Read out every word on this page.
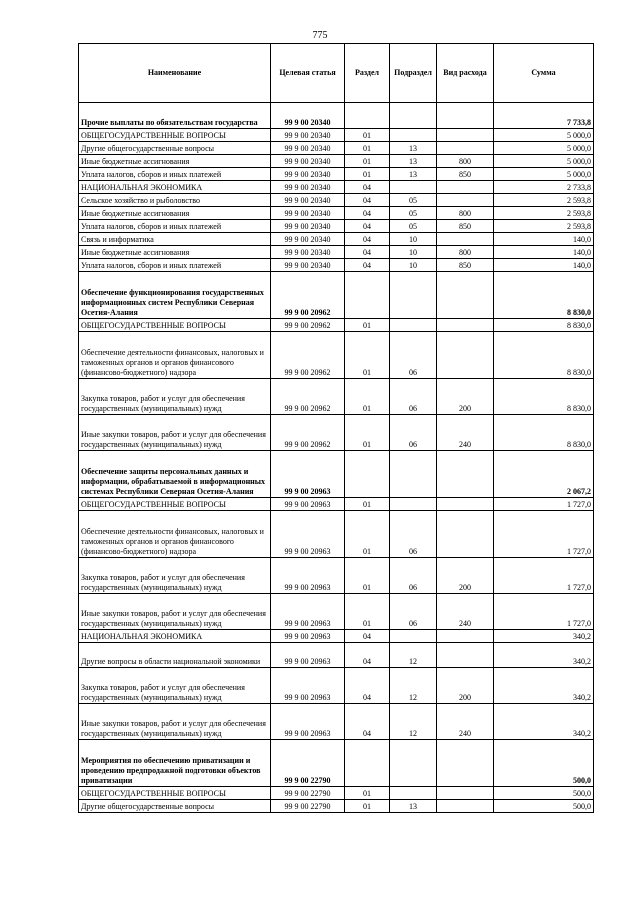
775
Наименование	Целевая статья	Раздел	Подраздел	Вид расхода	Сумма
Прочие выплаты по обязательствам государства	99 9 00 20340				7 733,8
ОБЩЕГОСУДАРСТВЕННЫЕ ВОПРОСЫ	99 9 00 20340	01			5 000,0
Другие общегосударственные вопросы	99 9 00 20340	01	13		5 000,0
Иные бюджетные ассигнования	99 9 00 20340	01	13	800	5 000,0
Уплата налогов, сборов и иных платежей	99 9 00 20340	01	13	850	5 000,0
НАЦИОНАЛЬНАЯ ЭКОНОМИКА	99 9 00 20340	04			2 733,8
Сельское хозяйство и рыболовство	99 9 00 20340	04	05		2 593,8
Иные бюджетные ассигнования	99 9 00 20340	04	05	800	2 593,8
Уплата налогов, сборов и иных платежей	99 9 00 20340	04	05	850	2 593,8
Связь и информатика	99 9 00 20340	04	10		140,0
Иные бюджетные ассигнования	99 9 00 20340	04	10	800	140,0
Уплата налогов, сборов и иных платежей	99 9 00 20340	04	10	850	140,0
Обеспечение функционирования государственных информационных систем Республики Северная Осетия-Алания	99 9 00 20962				8 830,0
ОБЩЕГОСУДАРСТВЕННЫЕ ВОПРОСЫ	99 9 00 20962	01			8 830,0
Обеспечение деятельности финансовых, налоговых и таможенных органов и органов финансового (финансово-бюджетного) надзора	99 9 00 20962	01	06		8 830,0
Закупка товаров, работ и услуг для обеспечения государственных (муниципальных) нужд	99 9 00 20962	01	06	200	8 830,0
Иные закупки товаров, работ и услуг для обеспечения государственных (муниципальных) нужд	99 9 00 20962	01	06	240	8 830,0
Обеспечение защиты персональных данных и информации, обрабатываемой в информационных системах Республики Северная Осетия-Алания	99 9 00 20963				2 067,2
ОБЩЕГОСУДАРСТВЕННЫЕ ВОПРОСЫ	99 9 00 20963	01			1 727,0
Обеспечение деятельности финансовых, налоговых и таможенных органов и органов финансового (финансово-бюджетного) надзора	99 9 00 20963	01	06		1 727,0
Закупка товаров, работ и услуг для обеспечения государственных (муниципальных) нужд	99 9 00 20963	01	06	200	1 727,0
Иные закупки товаров, работ и услуг для обеспечения государственных (муниципальных) нужд	99 9 00 20963	01	06	240	1 727,0
НАЦИОНАЛЬНАЯ ЭКОНОМИКА	99 9 00 20963	04			340,2
Другие вопросы в области национальной экономики	99 9 00 20963	04	12		340,2
Закупка товаров, работ и услуг для обеспечения государственных (муниципальных) нужд	99 9 00 20963	04	12	200	340,2
Иные закупки товаров, работ и услуг для обеспечения государственных (муниципальных) нужд	99 9 00 20963	04	12	240	340,2
Мероприятия по обеспечению приватизации и проведению предпродажной подготовки объектов приватизации	99 9 00 22790				500,0
ОБЩЕГОСУДАРСТВЕННЫЕ ВОПРОСЫ	99 9 00 22790	01			500,0
Другие общегосударственные вопросы	99 9 00 22790	01	13		500,0
